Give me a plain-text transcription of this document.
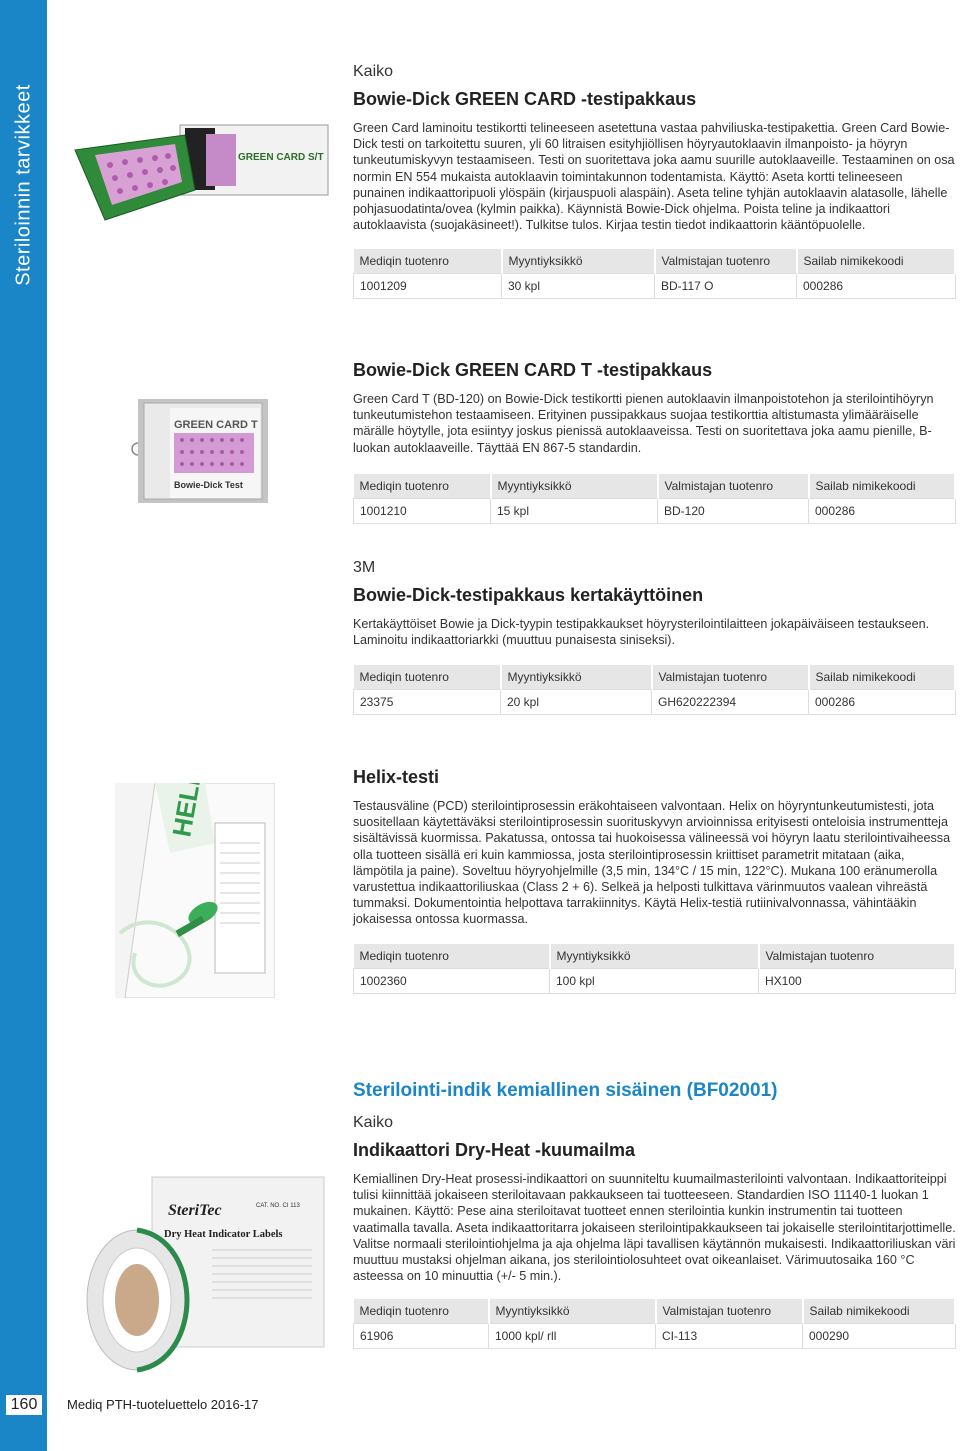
Steriloinnin tarvikkeet
160	Mediq PTH-tuoteluettelo 2016-17
GREEN CARD S/T
Kaiko
Bowie-Dick GREEN CARD -testipakkaus
Green Card laminoitu testikortti telineeseen asetettuna vastaa pahviliuska-testipakettia. Green Card Bowie-Dick testi on tarkoitettu suuren, yli 60 litraisen esityhjiöllisen höyryautoklaavin ilmanpoisto- ja höyryn tunkeutumiskyvyn testaamiseen. Testi on suoritettava joka aamu suurille autoklaaveille. Testaaminen on osa normin EN 554 mukaista autoklaavin toimintakunnon todentamista. Käyttö: Aseta kortti telineeseen punainen indikaattoripuoli ylöspäin (kirjauspuoli alaspäin). Aseta teline tyhjän autoklaavin alatasolle, lähelle pohjasuodatinta/ovea (kylmin paikka). Käynnistä Bowie-Dick ohjelma. Poista teline ja indikaattori autoklaavista (suojakäsineet!). Tulkitse tulos. Kirjaa testin tiedot indikaattorin kääntöpuolelle.
Mediqin tuotenro	Myyntiyksikkö	Valmistajan tuotenro	Sailab nimikekoodi
1001209	30 kpl	BD-117 O	000286
GREEN CARD T
Bowie-Dick Test
Bowie-Dick GREEN CARD T -testipakkaus
Green Card T (BD-120) on Bowie-Dick testikortti pienen autoklaavin ilmanpoistotehon ja sterilointihöyryn tunkeutumistehon testaamiseen. Erityinen pussipakkaus suojaa testikorttia altistumasta ylimääräiselle märälle höytylle, jota esiintyy joskus pienissä autoklaaveissa. Testi on suoritettava joka aamu pienille, B-luokan autoklaaveille. Täyttää EN 867-5 standardin.
Mediqin tuotenro	Myyntiyksikkö	Valmistajan tuotenro	Sailab nimikekoodi
1001210	15 kpl	BD-120	000286
3M
Bowie-Dick-testipakkaus kertakäyttöinen
Kertakäyttöiset Bowie ja Dick-tyypin testipakkaukset höyrysterilointilaitteen jokapäiväiseen testaukseen. Laminoitu indikaattoriarkki (muuttuu punaisesta siniseksi).
Mediqin tuotenro	Myyntiyksikkö	Valmistajan tuotenro	Sailab nimikekoodi
23375	20 kpl	GH620222394	000286
HELI	Helix-testi
Testausväline (PCD) sterilointiprosessin eräkohtaiseen valvontaan. Helix on höyryntunkeutumistesti, jota suositellaan käytettäväksi sterilointiprosessin suorituskyvyn arvioinnissa erityisesti onteloisia instrumentteja sisältävissä kuormissa. Pakatussa, ontossa tai huokoisessa välineessä voi höyryn laatu sterilointivaiheessa olla tuotteen sisällä eri kuin kammiossa, josta sterilointiprosessin kriittiset parametrit mitataan (aika, lämpötila ja paine). Soveltuu höyryohjelmille (3,5 min, 134°C / 15 min, 122°C). Mukana 100 eränumerolla varustettua indikaattoriliuskaa (Class 2 + 6). Selkeä ja helposti tulkittava värinmuutos vaalean vihreästä tummaksi. Dokumentointia helpottava tarrakiinnitys. Käytä Helix-testiä rutiinivalvonnassa, vähintääkin jokaisessa ontossa kuormassa.
Mediqin tuotenro	Myyntiyksikkö	Valmistajan tuotenro
1002360	100 kpl	HX100
SteriTec	CAT. NO. CI 113
Dry Heat Indicator Labels
Sterilointi-indik kemiallinen sisäinen (BF02001)
Kaiko
Indikaattori Dry-Heat -kuumailma
Kemiallinen Dry-Heat prosessi-indikaattori on suunniteltu kuumailmasterilointi valvontaan. Indikaattoriteippi tulisi kiinnittää jokaiseen steriloitavaan pakkaukseen tai tuotteeseen. Standardien ISO 11140-1 luokan 1 mukainen. Käyttö: Pese aina steriloitavat tuotteet ennen sterilointia kunkin instrumentin tai tuotteen vaatimalla tavalla. Aseta indikaattoritarra jokaiseen sterilointipakkaukseen tai jokaiselle sterilointitarjottimelle. Valitse normaali sterilointiohjelma ja aja ohjelma läpi tavallisen käytännön mukaisesti. Indikaattoriliuskan väri muuttuu mustaksi ohjelman aikana, jos sterilointiolosuhteet ovat oikeanlaiset. Värimuutosaika 160 °C asteessa on 10 minuuttia (+/- 5 min.).
Mediqin tuotenro	Myyntiyksikkö	Valmistajan tuotenro	Sailab nimikekoodi
61906	1000 kpl/ rll	CI-113	000290
